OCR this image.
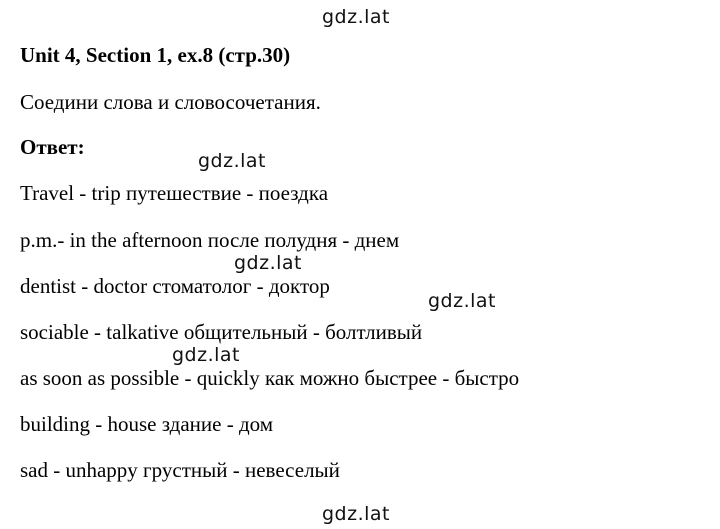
gdz.lat
Unit 4, Section 1, ex.8 (стр.30)
Соедини слова и словосочетания.
Ответ:
gdz.lat
Travel - trip путешествие - поездка
p.m.- in the afternoon после полудня - днем
gdz.lat
dentist - doctor стоматолог - доктор
gdz.lat
sociable - talkative общительный - болтливый
gdz.lat
as soon as possible - quickly как можно быстрее - быстро
building - house здание - дом
sad - unhappy грустный - невеселый
gdz.lat
